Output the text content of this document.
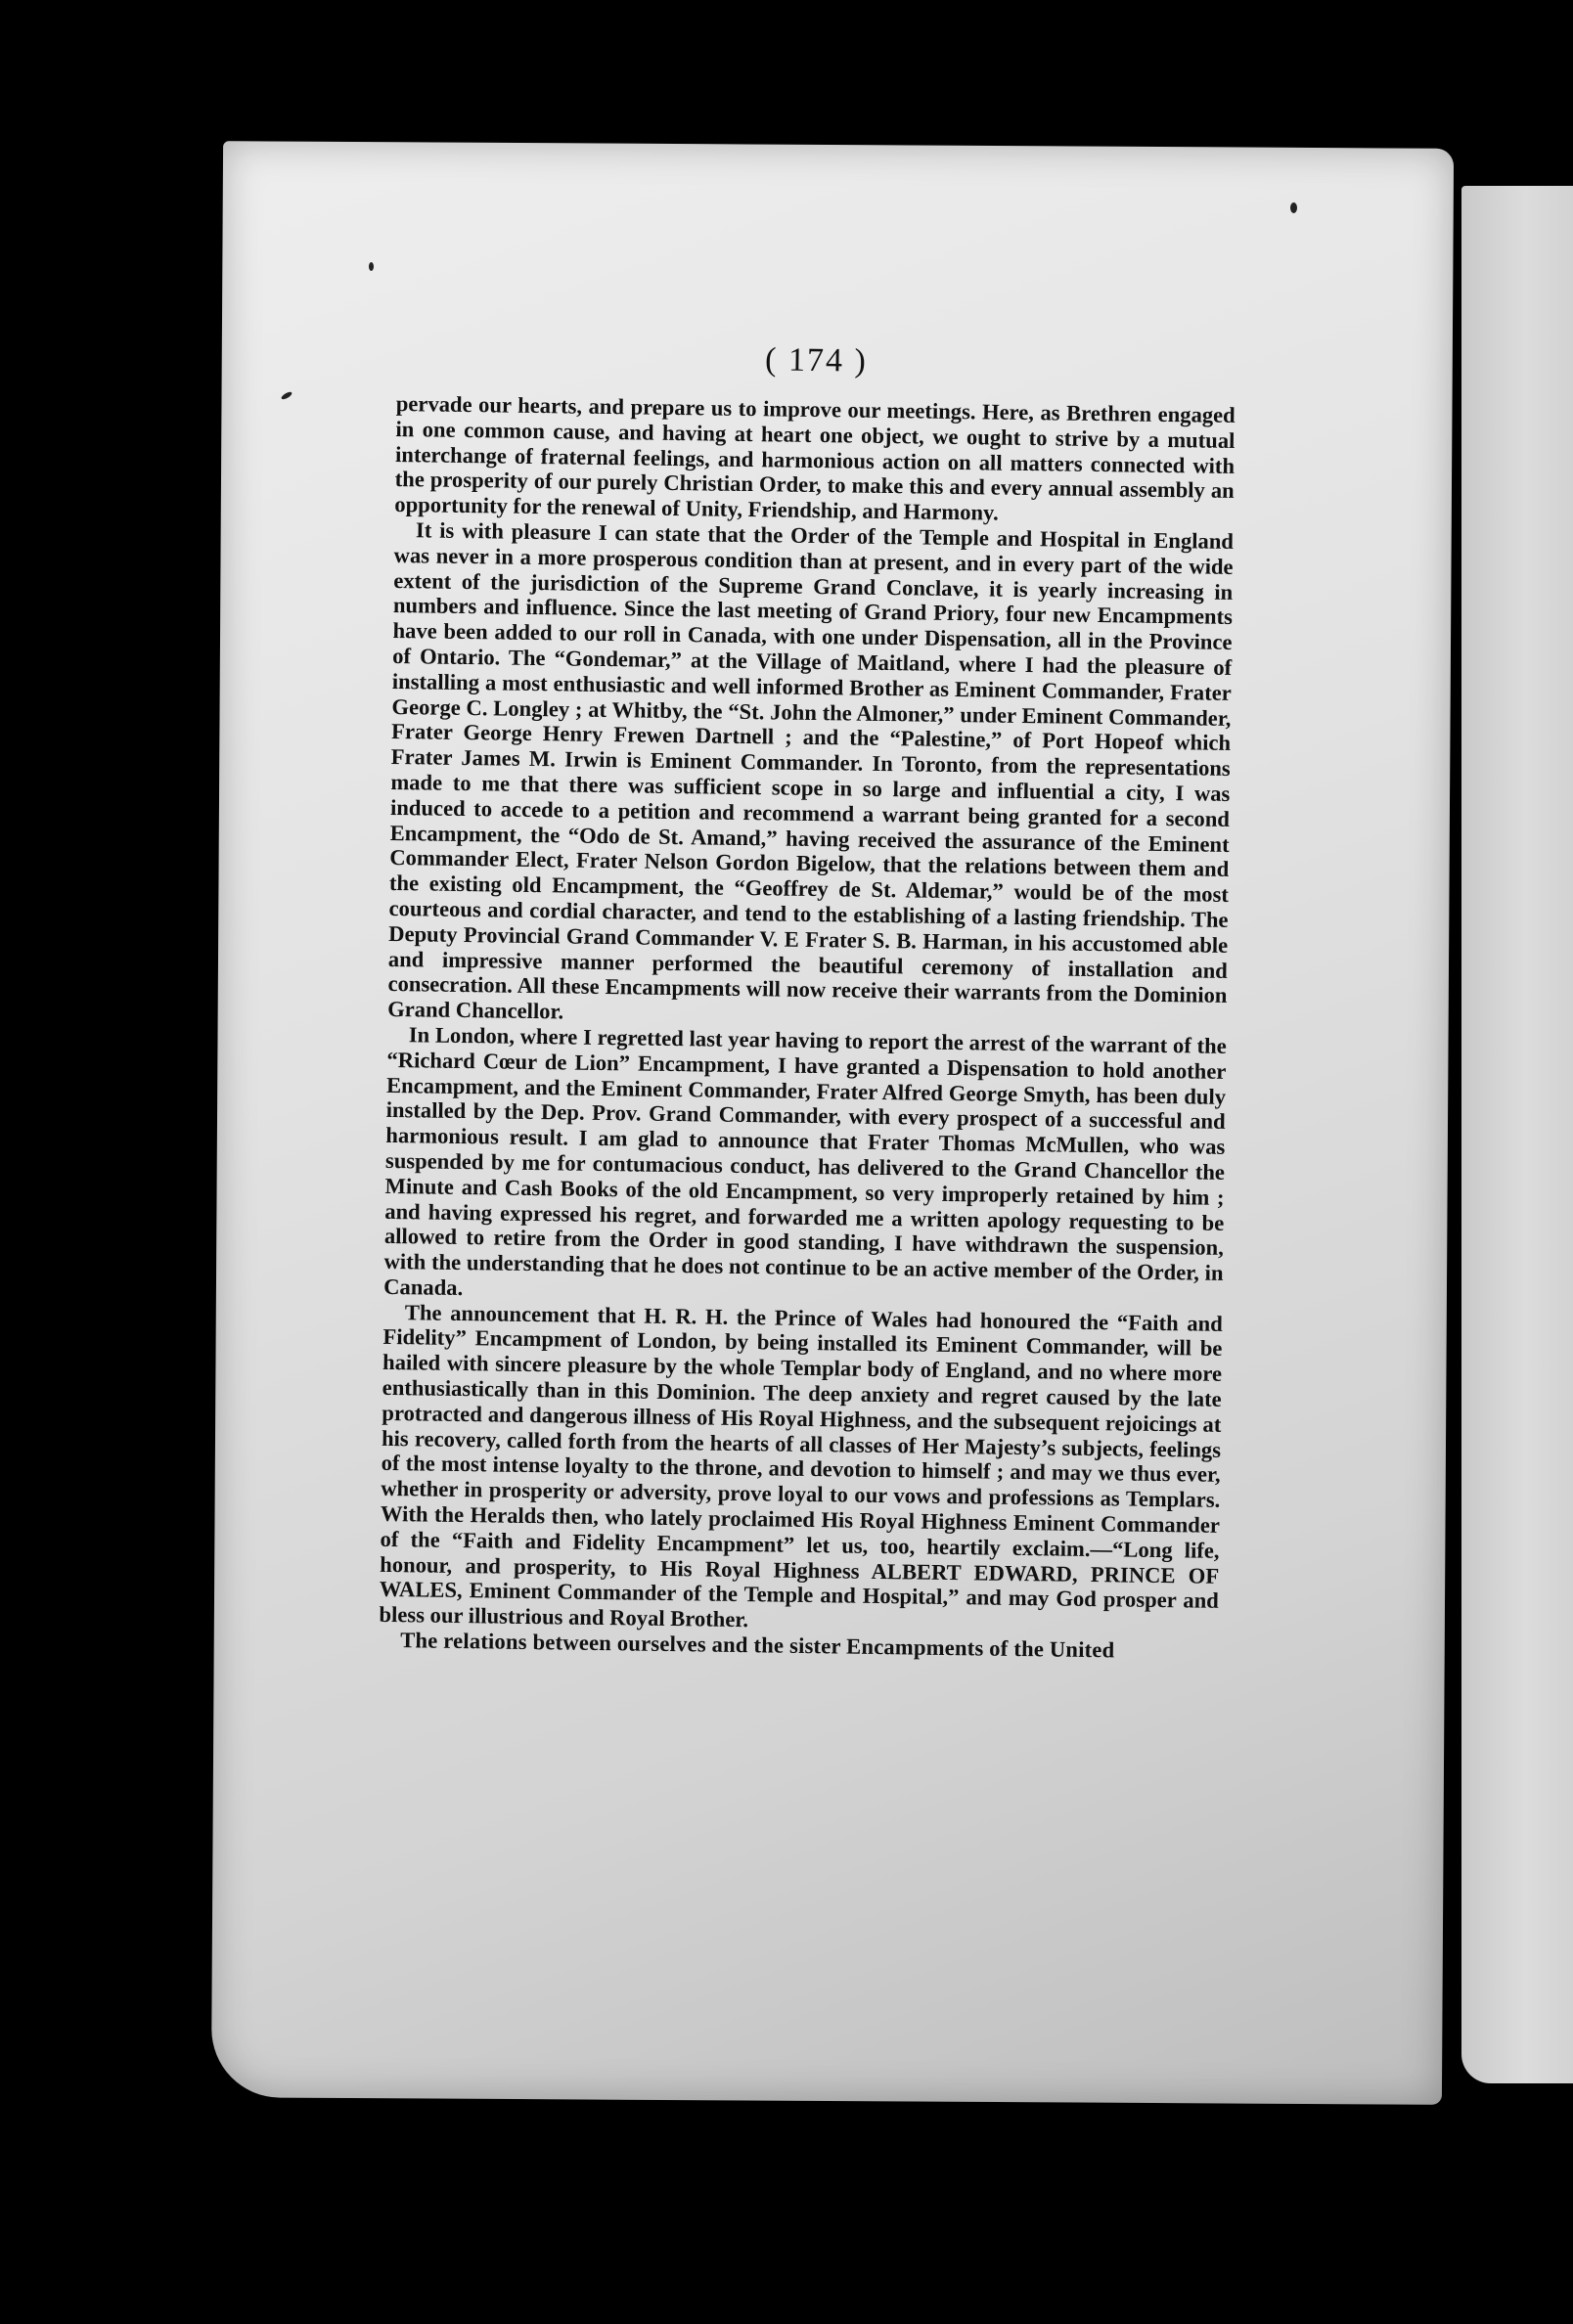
( 174 )

pervade our hearts, and prepare us to improve our meetings. Here, as Brethren engaged in one common cause, and having at heart one object, we ought to strive by a mutual interchange of fraternal feelings, and harmonious action on all matters connected with the prosperity of our purely Christian Order, to make this and every annual assembly an opportunity for the renewal of Unity, Friendship, and Harmony.

It is with pleasure I can state that the Order of the Temple and Hospital in England was never in a more prosperous condition than at present, and in every part of the wide extent of the jurisdiction of the Supreme Grand Conclave, it is yearly increasing in numbers and influence. Since the last meeting of Grand Priory, four new Encampments have been added to our roll in Canada, with one under Dispensation, all in the Province of Ontario. The “Gondemar,” at the Village of Maitland, where I had the pleasure of installing a most enthusiastic and well informed Brother as Eminent Commander, Frater George C. Longley ; at Whitby, the “St. John the Almoner,” under Eminent Commander, Frater George Henry Frewen Dartnell ; and the “Palestine,” of Port Hopeof which Frater James M. Irwin is Eminent Commander. In Toronto, from the representations made to me that there was sufficient scope in so large and influential a city, I was induced to accede to a petition and recommend a warrant being granted for a second Encampment, the “Odo de St. Amand,” having received the assurance of the Eminent Commander Elect, Frater Nelson Gordon Bigelow, that the relations between them and the existing old Encampment, the “Geoffrey de St. Aldemar,” would be of the most courteous and cordial character, and tend to the establishing of a lasting friendship. The Deputy Provincial Grand Commander V. E Frater S. B. Harman, in his accustomed able and impressive manner performed the beautiful ceremony of installation and consecration. All these Encampments will now receive their warrants from the Dominion Grand Chancellor.

In London, where I regretted last year having to report the arrest of the warrant of the “Richard Cœur de Lion” Encampment, I have granted a Dispensation to hold another Encampment, and the Eminent Commander, Frater Alfred George Smyth, has been duly installed by the Dep. Prov. Grand Commander, with every prospect of a successful and harmonious result. I am glad to announce that Frater Thomas McMullen, who was suspended by me for contumacious conduct, has delivered to the Grand Chancellor the Minute and Cash Books of the old Encampment, so very improperly retained by him ; and having expressed his regret, and forwarded me a written apology requesting to be allowed to retire from the Order in good standing, I have withdrawn the suspension, with the understanding that he does not continue to be an active member of the Order, in Canada.

The announcement that H. R. H. the Prince of Wales had honoured the “Faith and Fidelity” Encampment of London, by being installed its Eminent Commander, will be hailed with sincere pleasure by the whole Templar body of England, and no where more enthusiastically than in this Dominion. The deep anxiety and regret caused by the late protracted and dangerous illness of His Royal Highness, and the subsequent rejoicings at his recovery, called forth from the hearts of all classes of Her Majesty’s subjects, feelings of the most intense loyalty to the throne, and devotion to himself ; and may we thus ever, whether in prosperity or adversity, prove loyal to our vows and professions as Templars. With the Heralds then, who lately proclaimed His Royal Highness Eminent Commander of the “Faith and Fidelity Encampment” let us, too, heartily exclaim.—“Long life, honour, and prosperity, to His Royal Highness ALBERT EDWARD, PRINCE OF WALES, Eminent Commander of the Temple and Hospital,” and may God prosper and bless our illustrious and Royal Brother.

The relations between ourselves and the sister Encampments of the United
